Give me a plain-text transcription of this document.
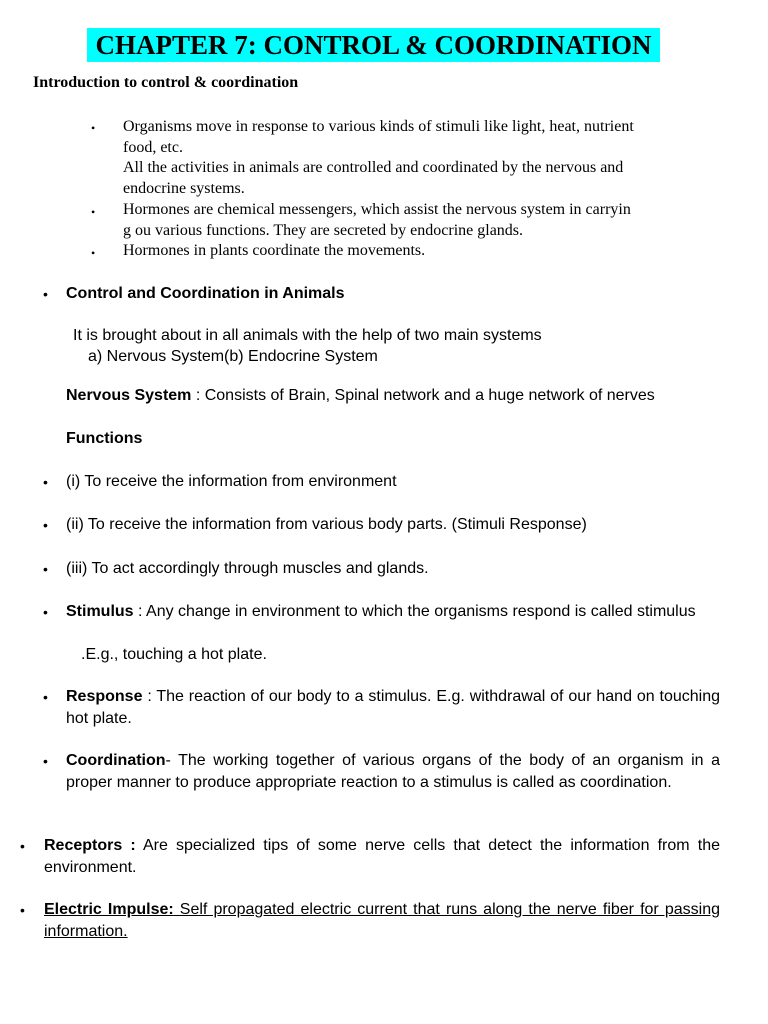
CHAPTER 7: CONTROL & COORDINATION
Introduction to control & coordination
• Organisms move in response to various kinds of stimuli like light, heat, nutrient
food, etc.
All the activities in animals are controlled and coordinated by the nervous and
endocrine systems.
• Hormones are chemical messengers, which assist the nervous system in carryin
g ou various functions. They are secreted by endocrine glands.
• Hormones in plants coordinate the movements.
• Control and Coordination in Animals
It is brought about in all animals with the help of two main systems
a) Nervous System(b) Endocrine System
Nervous System : Consists of Brain, Spinal network and a huge network of nerves
Functions
• (i) To receive the information from environment
• (ii) To receive the information from various body parts. (Stimuli Response)
• (iii) To act accordingly through muscles and glands.
• Stimulus : Any change in environment to which the organisms respond is called stimulus
.E.g., touching a hot plate.
• Response : The reaction of our body to a stimulus. E.g. withdrawal of our hand on touching hot plate.
• Coordination- The working together of various organs of the body of an organism in a proper manner to produce appropriate reaction to a stimulus is called as coordination.
• Receptors : Are specialized tips of some nerve cells that detect the information from the environment.
• Electric Impulse: Self propagated electric current that runs along the nerve fiber for passing information.
